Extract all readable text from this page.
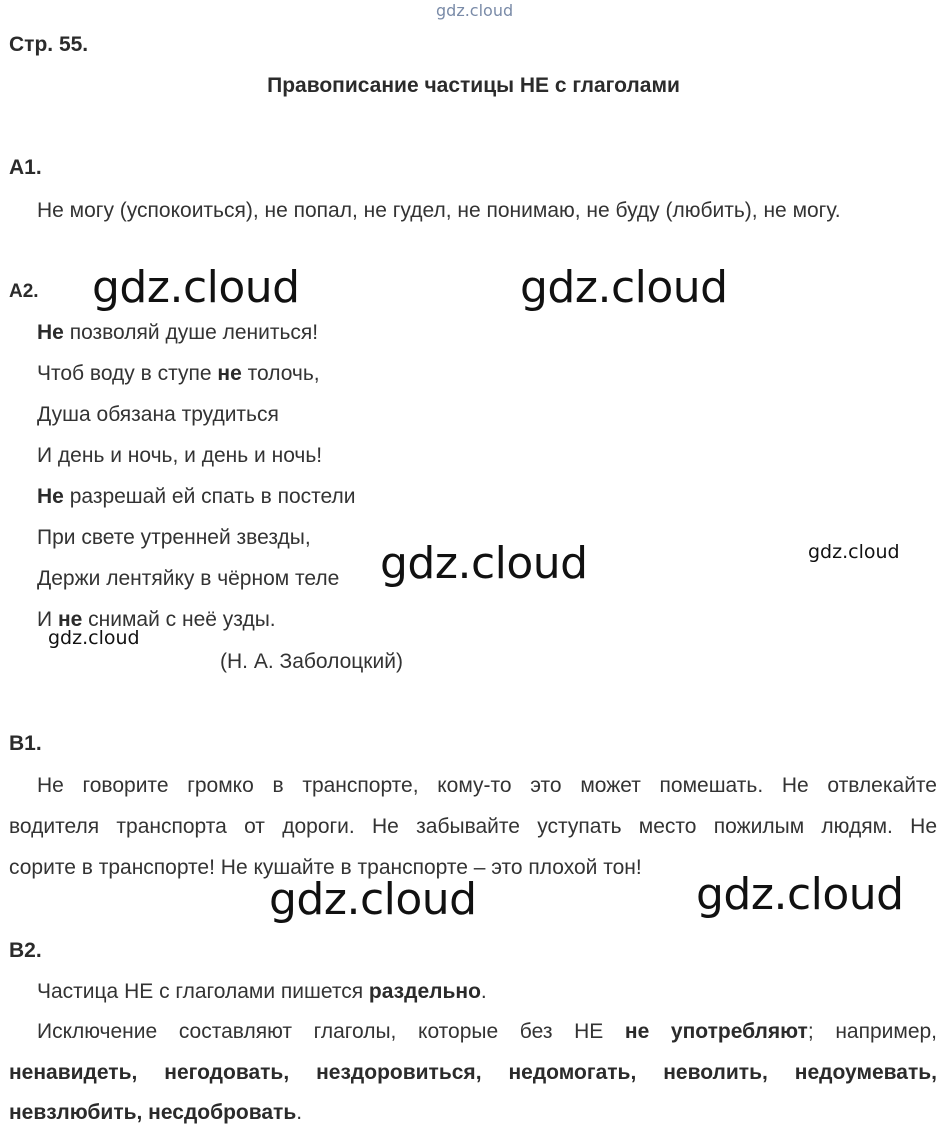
gdz.cloud
Стр. 55.
Правописание частицы НЕ с глаголами
А1.
Не могу (успокоиться), не попал, не гудел, не понимаю, не буду (любить), не могу.
А2.
Не позволяй душе лениться!
Чтоб воду в ступе не толочь,
Душа обязана трудиться
И день и ночь, и день и ночь!
Не разрешай ей спать в постели
При свете утренней звезды,
Держи лентяйку в чёрном теле
И не снимай с неё узды.
(Н. А. Заболоцкий)
В1.
Не говорите громко в транспорте, кому-то это может помешать. Не отвлекайте
водителя транспорта от дороги. Не забывайте уступать место пожилым людям. Не
сорите в транспорте! Не кушайте в транспорте – это плохой тон!
В2.
Частица НЕ с глаголами пишется раздельно.
Исключение составляют глаголы, которые без НЕ не употребляют; например,
ненавидеть, негодовать, нездоровиться, недомогать, неволить, недоумевать,
невзлюбить, несдобровать.
gdz.cloud	gdz.cloud
gdz.cloud	gdz.cloud
gdz.cloud
gdz.cloud	gdz.cloud
